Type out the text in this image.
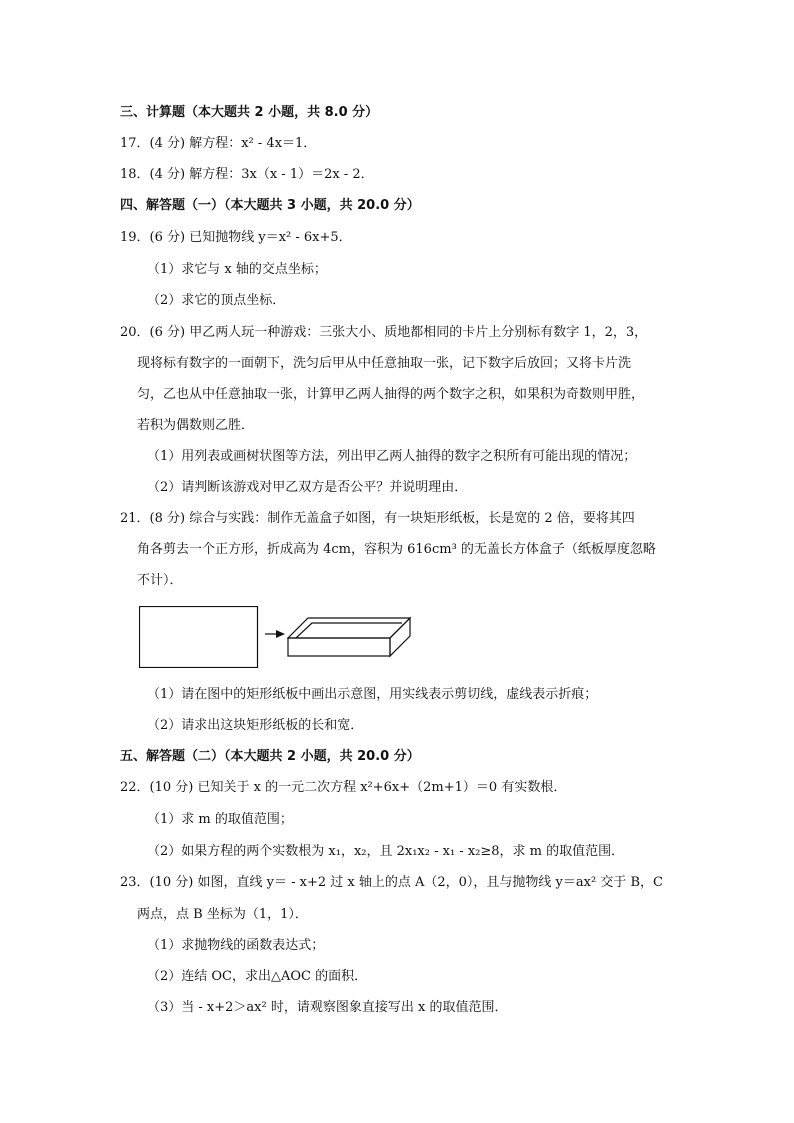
三、计算题（本大题共 2 小题，共 8.0 分）
17．(4 分) 解方程：x² - 4x＝1．
18．(4 分) 解方程：3x（x - 1）＝2x - 2．
四、解答题（一）（本大题共 3 小题，共 20.0 分）
19．(6 分) 已知抛物线 y＝x² - 6x+5．
（1）求它与 x 轴的交点坐标；
（2）求它的顶点坐标．
20．(6 分) 甲乙两人玩一种游戏：三张大小、质地都相同的卡片上分别标有数字 1，2，3，
现将标有数字的一面朝下，洗匀后甲从中任意抽取一张，记下数字后放回；又将卡片洗
匀，乙也从中任意抽取一张，计算甲乙两人抽得的两个数字之积，如果积为奇数则甲胜，
若积为偶数则乙胜．
（1）用列表或画树状图等方法，列出甲乙两人抽得的数字之积所有可能出现的情况；
（2）请判断该游戏对甲乙双方是否公平？并说明理由．
21．(8 分) 综合与实践：制作无盖盒子如图，有一块矩形纸板，长是宽的 2 倍，要将其四
角各剪去一个正方形，折成高为 4cm，容积为 616cm³ 的无盖长方体盒子（纸板厚度忽略
不计）．
（1）请在图中的矩形纸板中画出示意图，用实线表示剪切线，虚线表示折痕；
（2）请求出这块矩形纸板的长和宽．
五、解答题（二）（本大题共 2 小题，共 20.0 分）
22．(10 分) 已知关于 x 的一元二次方程 x²+6x+（2m+1）＝0 有实数根．
（1）求 m 的取值范围；
（2）如果方程的两个实数根为 x₁，x₂，且 2x₁x₂ - x₁ - x₂≥8，求 m 的取值范围．
23．(10 分) 如图，直线 y＝ - x+2 过 x 轴上的点 A（2，0），且与抛物线 y＝ax² 交于 B，C
两点，点 B 坐标为（1，1）．
（1）求抛物线的函数表达式；
（2）连结 OC，求出△AOC 的面积．
（3）当 - x+2＞ax² 时，请观察图象直接写出 x 的取值范围．
